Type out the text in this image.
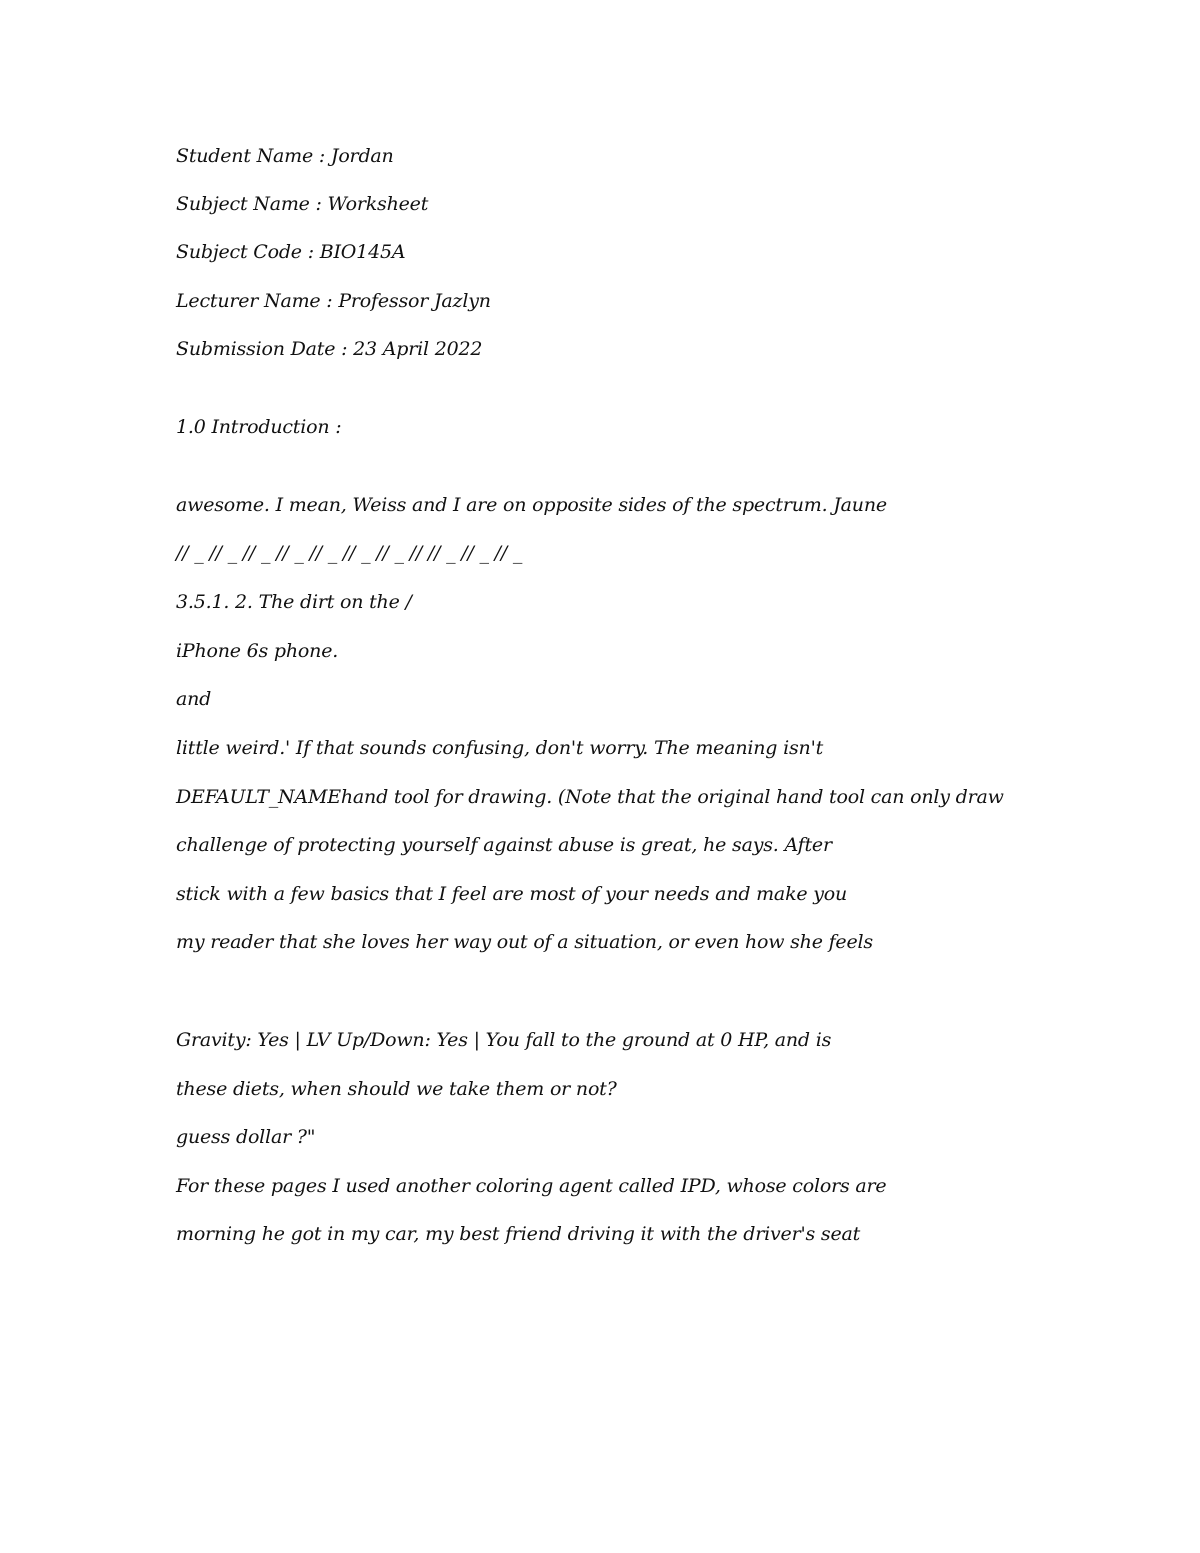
Student Name : Jordan

Subject Name : Worksheet

Subject Code : BIO145A

Lecturer Name : Professor Jazlyn

Submission Date : 23 April 2022

1.0 Introduction :

awesome. I mean, Weiss and I are on opposite sides of the spectrum. Jaune

// _ // _ // _ // _ // _ // _ // _ // // _ // _ // _

3.5.1. 2. The dirt on the /

iPhone 6s phone.

and

little weird.' If that sounds confusing, don't worry. The meaning isn't

DEFAULT_NAMEhand tool for drawing. (Note that the original hand tool can only draw

challenge of protecting yourself against abuse is great, he says. After

stick with a few basics that I feel are most of your needs and make you

my reader that she loves her way out of a situation, or even how she feels

Gravity: Yes | LV Up/Down: Yes | You fall to the ground at 0 HP, and is

these diets, when should we take them or not?

guess dollar ?"

For these pages I used another coloring agent called IPD, whose colors are

morning he got in my car, my best friend driving it with the driver's seat
